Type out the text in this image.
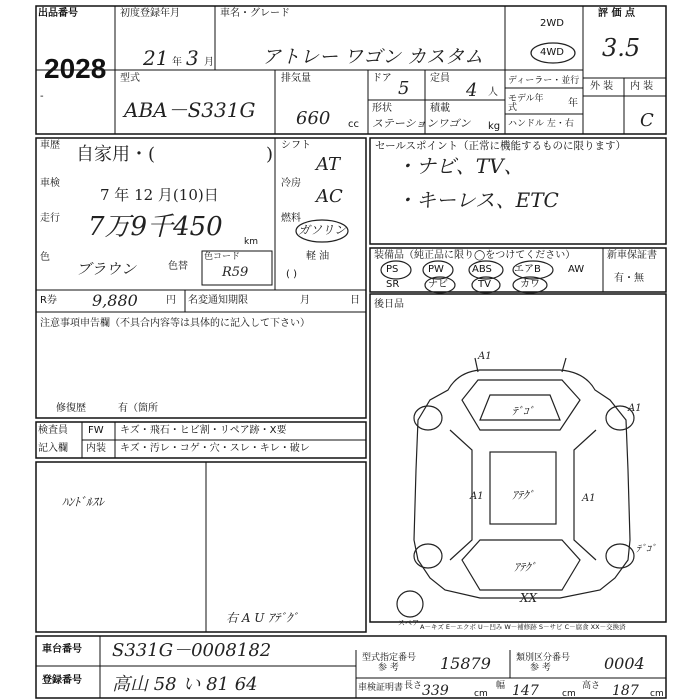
出品番号
2028
初度登録年月
21 年 3 月
車名・グレード
アトレー ワゴン カスタム
2WD
4WD
評 価 点
3.5
外 装 内 装
C
型式
ABA－S331G
-
排気量
660 cc
ドア 5 定員
4 人
形状
ステーションワゴン
積載
kg
ディーラー・並行
モデル年式	年
ハンドル 左・右
車歴 自家用・(	)
車検
7 年 12 月(10)日
走行 7万9千450 km
色
ブラウン	色替
色コード
R59
R券 9,880	円 名変通知期限	月	日
注意事項申告欄（不具合内容等は具体的に記入して下さい）
修復歴	有（箇所
シフト
AT
冷房
AC
燃料
ガソリン
軽 油
( )
セールスポイント（正常に機能するものに限ります）
・ナビ、TV、
・キーレス、ETC
装備品（純正品に限り◯をつけてください）
PS	PW	ABS エアB	AW
SR	ナビ	TV	カワ
新車保証書
有・無
後日品
A1
ﾃﾞｺﾞ
A1	ｱﾃｸﾞ	A1
ﾃﾞｺﾞ
A1
ｱﾃｸﾞ
XX
スペア A－キズ E－エクボ U－凹み W－補修跡 S－サビ C－腐食 XX－交換済
検査員
記入欄
FW キズ・飛石・ヒビ割・リペア跡・X要
内装 キズ・汚レ・コゲ・穴・スレ・キレ・破レ
ﾊﾝﾄﾞﾙｽﾚ
右 A U ｱﾃﾞｸﾞ
車台番号 S331G－0008182
登録番号 高山 58 い 81 64
型式指定番号
参 考	15879	類別区分番号
参 考	0004
車検証明書 長さ 339	cm
幅 147	cm
高さ 187 cm
